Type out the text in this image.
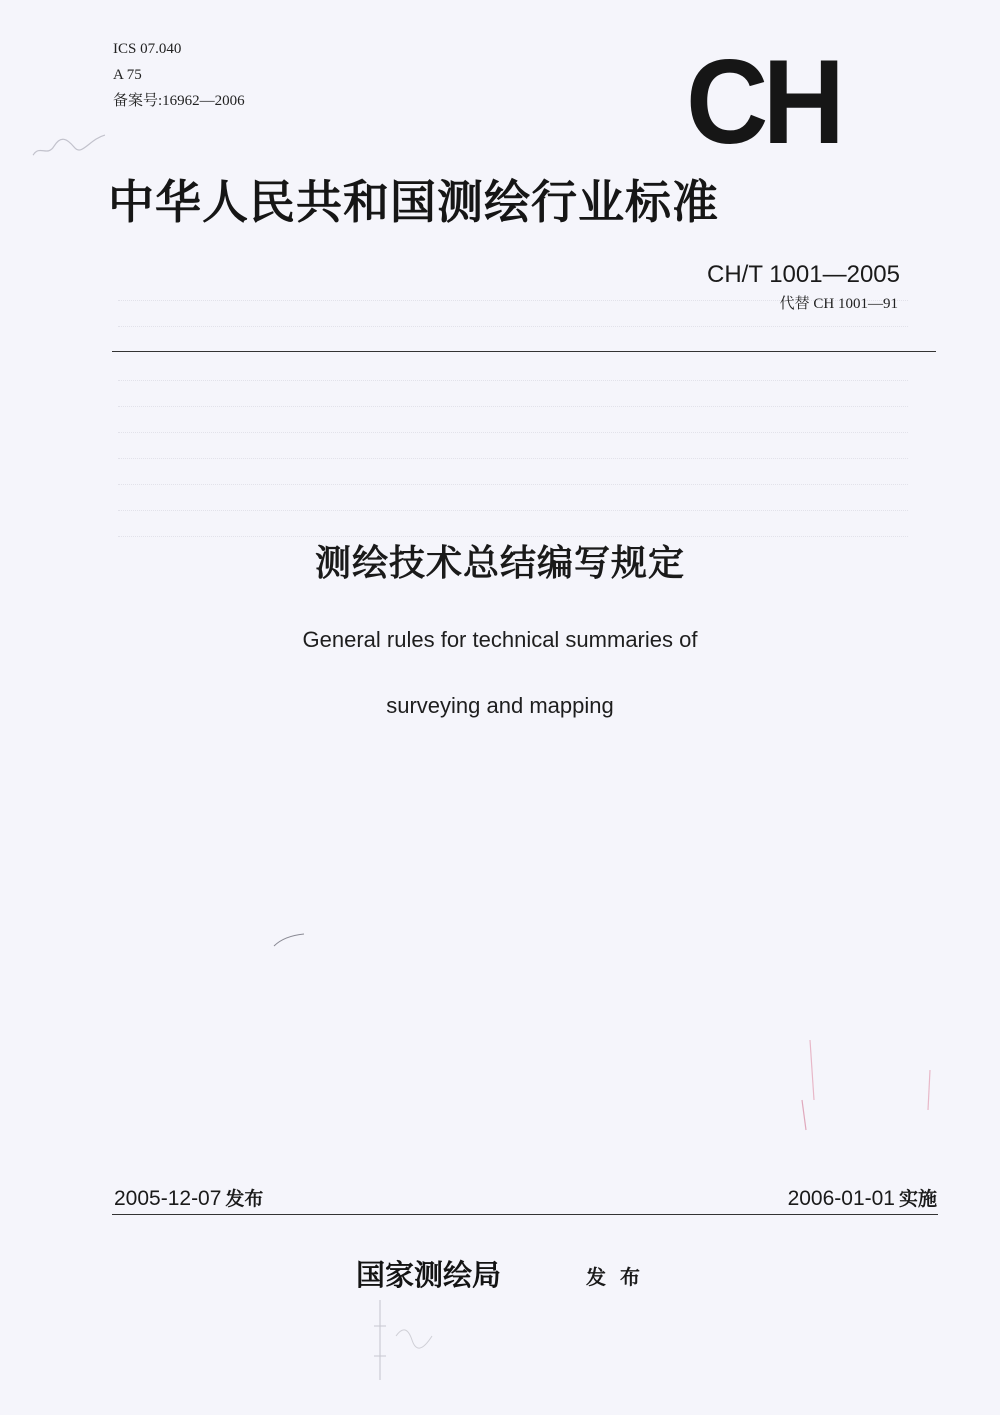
ICS 07.040
A 75
备案号:16962—2006	CH
中华人民共和国测绘行业标准
CH/T 1001—2005
代替 CH 1001—91
测绘技术总结编写规定
General rules for technical summaries of
surveying and mapping
2005-12-07 发布	2006-01-01 实施
国家测绘局	发布
